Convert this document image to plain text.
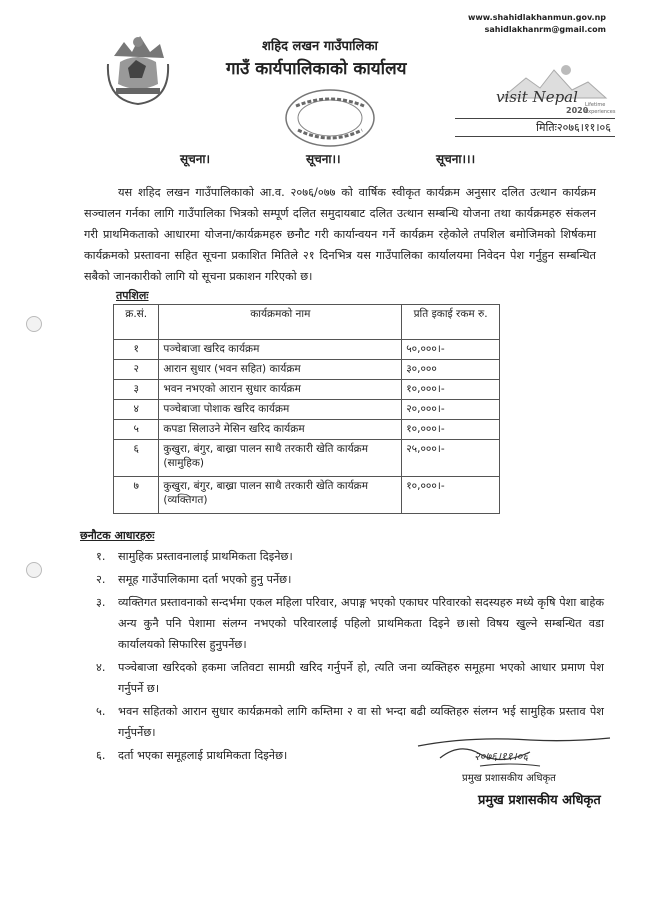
शहिद लखन गाउँपालिका
गाउँ कार्यपालिकाको कार्यालय
www.shahidlakhanmun.gov.np
sahidlakhanrm@gmail.com
visit Nepal
2020
Lifetime
Experiences
मितिः२०७६।११।०६
सूचना।	सूचना।।	सूचना।।।
यस शहिद लखन गाउँपालिकाको आ.व. २०७६/०७७ को वार्षिक स्वीकृत कार्यक्रम अनुसार दलित उत्थान कार्यक्रम सञ्चालन गर्नका लागि गाउँपालिका भित्रको सम्पूर्ण दलित समुदायबाट दलित उत्थान सम्बन्धि योजना तथा कार्यक्रमहरु संकलन गरी प्राथमिकताको आधारमा योजना/कार्यक्रमहरु छनौट गरी कार्यान्वयन गर्ने कार्यक्रम रहेकोले तपशिल बमोजिमको शिर्षकमा कार्यक्रमको प्रस्तावना सहित सूचना प्रकाशित मितिले २१ दिनभित्र यस गाउँपालिका कार्यालयमा निवेदन पेश गर्नुहुन सम्बन्धित सबैको जानकारीको लागि यो सूचना प्रकाशन गरिएको छ।
तपशिलः
क्र.सं.	कार्यक्रमको नाम	प्रति इकाई रकम रु.
१	पञ्चेबाजा खरिद कार्यक्रम	५०,०००।-
२	आरान सुधार (भवन सहित) कार्यक्रम	३०,०००
३	भवन नभएको आरान सुधार कार्यक्रम	१०,०००।-
४	पञ्चेबाजा पोशाक खरिद कार्यक्रम	२०,०००।-
५	कपडा सिलाउने मेसिन खरिद कार्यक्रम	१०,०००।-
६	कुखुरा, बंगुर, बाख्रा पालन साथै तरकारी खेति कार्यक्रम (सामुहिक)	२५,०००।-
७	कुखुरा, बंगुर, बाख्रा पालन साथै तरकारी खेति कार्यक्रम (व्यक्तिगत)	१०,०००।-
छनौटक आधारहरुः
१.	सामुहिक प्रस्तावनालाई प्राथमिकता दिइनेछ।
२.	समूह गाउँपालिकामा दर्ता भएको हुनु पर्नेछ।
३.	व्यक्तिगत प्रस्तावनाको सन्दर्भमा एकल महिला परिवार, अपाङ्ग भएको एकाघर परिवारको सदस्यहरु मध्ये कृषि पेशा बाहेक अन्य कुनै पनि पेशामा संलग्न नभएको परिवारलाई पहिलो प्राथमिकता दिइने छ।सो विषय खुल्ने सम्बन्धित वडा कार्यालयको सिफारिस हुनुपर्नेछ।
४.	पञ्चेबाजा खरिदको हकमा जतिवटा सामग्री खरिद गर्नुपर्ने हो, त्यति जना व्यक्तिहरु समूहमा भएको आधार प्रमाण पेश गर्नुपर्ने छ।
५.	भवन सहितको आरान सुधार कार्यक्रमको लागि कम्तिमा २ वा सो भन्दा बढी व्यक्तिहरु संलग्न भई सामुहिक प्रस्ताव पेश गर्नुपर्नेछ।
६.	दर्ता भएका समूहलाई प्राथमिकता दिइनेछ।	२०७६।११।०६
प्रमुख प्रशासकीय अधिकृत
प्रमुख प्रशासकीय अधिकृत
